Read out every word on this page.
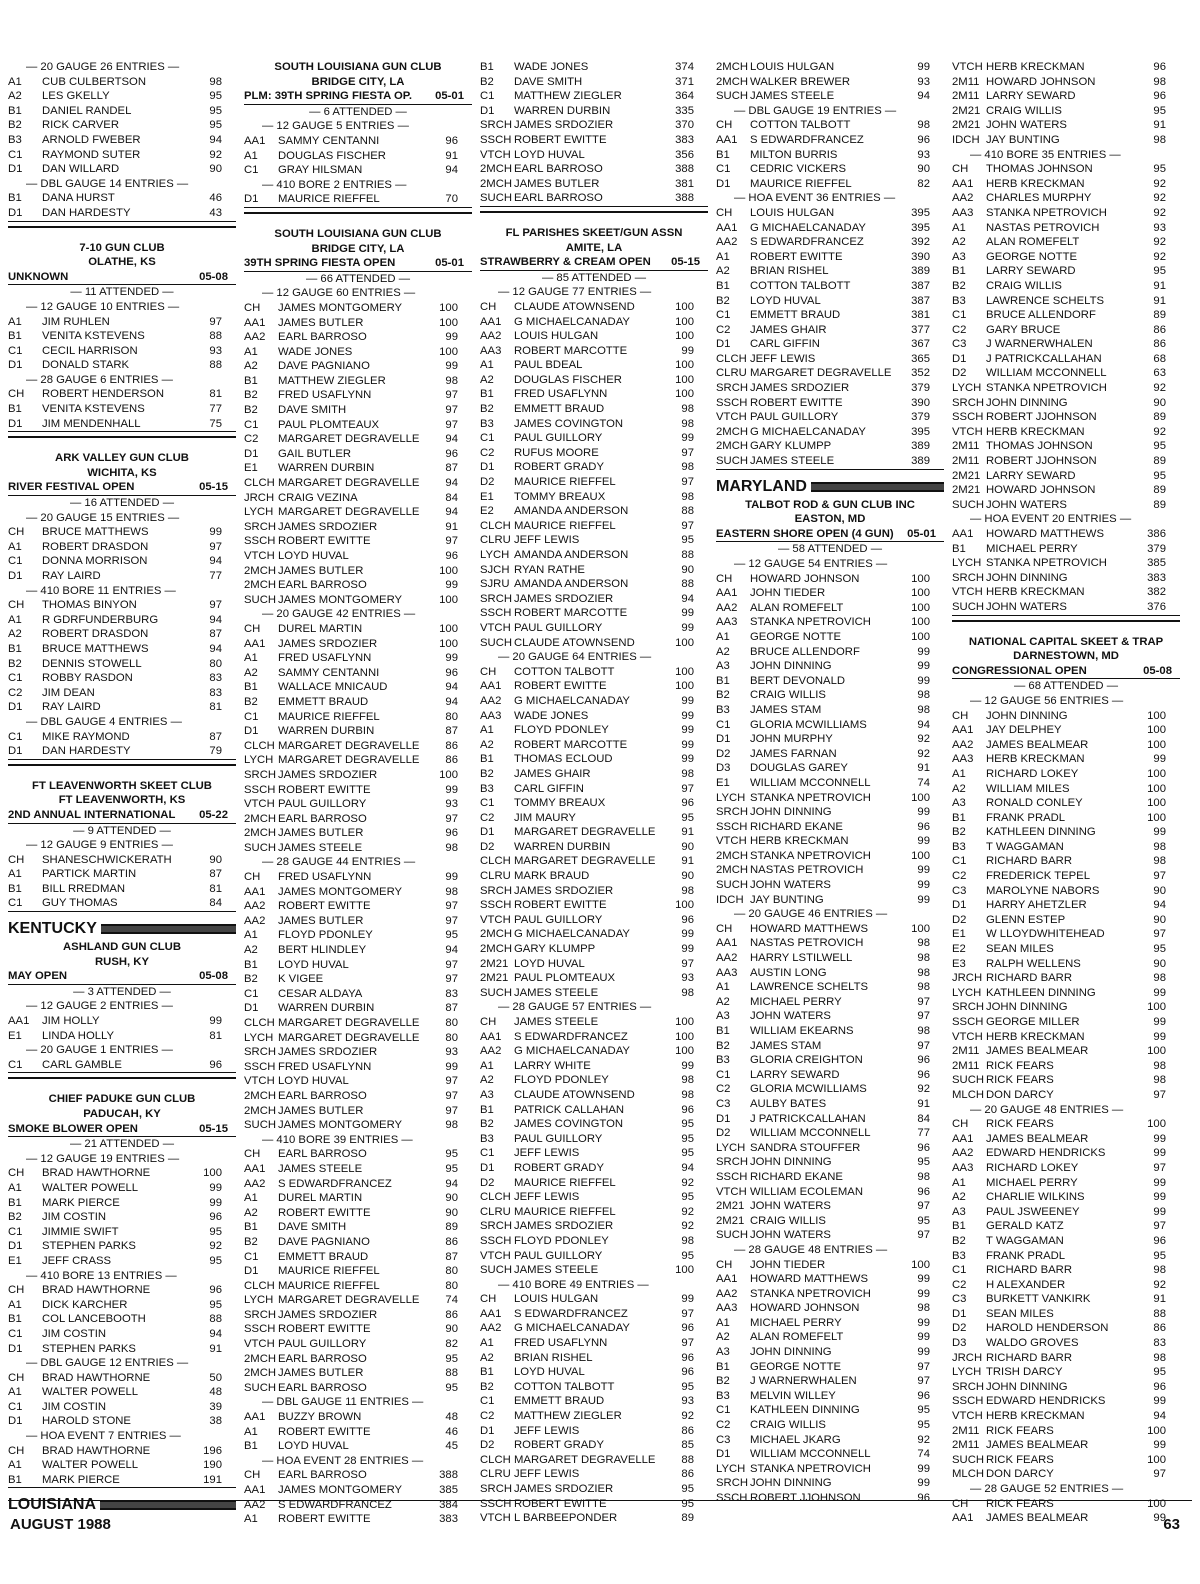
— 20 GAUGE 26 ENTRIES —
A1	CUB CULBERTSON	98
A2	LES GKELLY	95
B1	DANIEL RANDEL	95
B2	RICK CARVER	95
B3	ARNOLD FWEBER	94
C1	RAYMOND SUTER	92
D1	DAN WILLARD	90
— DBL GAUGE 14 ENTRIES —
B1	DANA HURST	46
D1	DAN HARDESTY	43
7-10 GUN CLUB
OLATHE, KS
UNKNOWN	05-08
— 11 ATTENDED —
— 12 GAUGE 10 ENTRIES —
A1	JIM RUHLEN	97
B1	VENITA KSTEVENS	88
C1	CECIL HARRISON	93
D1	DONALD STARK	88
— 28 GAUGE 6 ENTRIES —
CH	ROBERT HENDERSON	81
B1	VENITA KSTEVENS	77
D1	JIM MENDENHALL	75
ARK VALLEY GUN CLUB
WICHITA, KS
RIVER FESTIVAL OPEN	05-15
— 16 ATTENDED —
— 20 GAUGE 15 ENTRIES —
CH	BRUCE MATTHEWS	99
A1	ROBERT DRASDON	97
C1	DONNA MORRISON	94
D1	RAY LAIRD	77
— 410 BORE 11 ENTRIES —
CH	THOMAS BINYON	97
A1	R GDRFUNDERBURG	94
A2	ROBERT DRASDON	87
B1	BRUCE MATTHEWS	94
B2	DENNIS STOWELL	80
C1	ROBBY RASDON	83
C2	JIM DEAN	83
D1	RAY LAIRD	81
— DBL GAUGE 4 ENTRIES —
C1	MIKE RAYMOND	87
D1	DAN HARDESTY	79
FT LEAVENWORTH SKEET CLUB
FT LEAVENWORTH, KS
2ND ANNUAL INTERNATIONAL 05-22
— 9 ATTENDED —
— 12 GAUGE 9 ENTRIES —
CH	SHANESCHWICKERATH	90
A1	PARTICK MARTIN	87
B1	BILL RREDMAN	81
C1	GUY THOMAS	84
KENTUCKY
ASHLAND GUN CLUB
RUSH, KY
MAY OPEN	05-08
— 3 ATTENDED —
— 12 GAUGE 2 ENTRIES —
AA1	JIM HOLLY	99
E1	LINDA HOLLY	81
— 20 GAUGE 1 ENTRIES —
C1	CARL GAMBLE	96
CHIEF PADUKE GUN CLUB
PADUCAH, KY
SMOKE BLOWER OPEN	05-15
— 21 ATTENDED —
— 12 GAUGE 19 ENTRIES —
CH	BRAD HAWTHORNE	100
A1	WALTER POWELL	99
B1	MARK PIERCE	99
B2	JIM COSTIN	96
C1	JIMMIE SWIFT	95
D1	STEPHEN PARKS	92
E1	JEFF CRASS	95
— 410 BORE 13 ENTRIES —
CH	BRAD HAWTHORNE	96
A1	DICK KARCHER	95
B1	COL LANCEBOOTH	88
C1	JIM COSTIN	94
D1	STEPHEN PARKS	91
— DBL GAUGE 12 ENTRIES —
CH	BRAD HAWTHORNE	50
A1	WALTER POWELL	48
C1	JIM COSTIN	39
D1	HAROLD STONE	38
— HOA EVENT 7 ENTRIES —
CH	BRAD HAWTHORNE	196
A1	WALTER POWELL	190
B1	MARK PIERCE	191
LOUISIANA
SOUTH LOUISIANA GUN CLUB
BRIDGE CITY, LA
PLM: 39TH SPRING FIESTA OP. 05-01
— 6 ATTENDED —
— 12 GAUGE 5 ENTRIES —
AA1	SAMMY CENTANNI	96
A1	DOUGLAS FISCHER	91
C1	GRAY HILSMAN	94
— 410 BORE 2 ENTRIES —
D1	MAURICE RIEFFEL	70
SOUTH LOUISIANA GUN CLUB
BRIDGE CITY, LA
39TH SPRING FIESTA OPEN	05-01
— 66 ATTENDED —
— 12 GAUGE 60 ENTRIES —
CH	JAMES MONTGOMERY	100
AA1	JAMES BUTLER	100
AA2	EARL BARROSO	99
A1	WADE JONES	100
A2	DAVE PAGNIANO	99
B1	MATTHEW ZIEGLER	98
B2	FRED USAFLYNN	97
B2	DAVE SMITH	97
C1	PAUL PLOMTEAUX	97
C2	MARGARET DEGRAVELLE	94
D1	GAIL BUTLER	96
E1	WARREN DURBIN	87
CLCH MARGARET DEGRAVELLE	94
JRCH CRAIG VEZINA	84
LYCH MARGARET DEGRAVELLE	94
SRCH JAMES SRDOZIER	91
SSCH ROBERT EWITTE	97
VTCH LOYD HUVAL	96
2MCH JAMES BUTLER	100
2MCH EARL BARROSO	99
SUCH JAMES MONTGOMERY	100
— 20 GAUGE 42 ENTRIES —
CH	DUREL MARTIN	100
AA1	JAMES SRDOZIER	100
A1	FRED USAFLYNN	99
A2	SAMMY CENTANNI	96
B1	WALLACE MNICAUD	94
B2	EMMETT BRAUD	94
C1	MAURICE RIEFFEL	80
D1	WARREN DURBIN	87
CLCH MARGARET DEGRAVELLE	86
LYCH MARGARET DEGRAVELLE	86
SRCH JAMES SRDOZIER	100
SSCH ROBERT EWITTE	99
VTCH PAUL GUILLORY	93
2MCH EARL BARROSO	97
2MCH JAMES BUTLER	96
SUCH JAMES STEELE	98
— 28 GAUGE 44 ENTRIES —
CH	FRED USAFLYNN	99
AA1	JAMES MONTGOMERY	98
AA2	ROBERT EWITTE	97
AA2	JAMES BUTLER	97
A1	FLOYD PDONLEY	95
A2	BERT HLINDLEY	94
B1	LOYD HUVAL	97
B2	K VIGEE	97
C1	CESAR ALDAYA	83
D1	WARREN DURBIN	87
CLCH MARGARET DEGRAVELLE	80
LYCH MARGARET DEGRAVELLE	80
SRCH JAMES SRDOZIER	93
SSCH FRED USAFLYNN	99
VTCH LOYD HUVAL	97
2MCH EARL BARROSO	97
2MCH JAMES BUTLER	97
SUCH JAMES MONTGOMERY	98
— 410 BORE 39 ENTRIES —
CH	EARL BARROSO	95
AA1	JAMES STEELE	95
AA2	S EDWARDFRANCEZ	94
A1	DUREL MARTIN	90
A2	ROBERT EWITTE	90
B1	DAVE SMITH	89
B2	DAVE PAGNIANO	86
C1	EMMETT BRAUD	87
D1	MAURICE RIEFFEL	80
CLCH MAURICE RIEFFEL	80
LYCH MARGARET DEGRAVELLE	74
SRCH JAMES SRDOZIER	86
SSCH ROBERT EWITTE	90
VTCH PAUL GUILLORY	82
2MCH EARL BARROSO	95
2MCH JAMES BUTLER	88
SUCH EARL BARROSO	95
— DBL GAUGE 11 ENTRIES —
AA1	BUZZY BROWN	48
A1	ROBERT EWITTE	46
B1	LOYD HUVAL	45
— HOA EVENT 28 ENTRIES —
CH	EARL BARROSO	388
AA1	JAMES MONTGOMERY	385
AA2	S EDWARDFRANCEZ	384
A1	ROBERT EWITTE	383
B1	WADE JONES	374
B2	DAVE SMITH	371
C1	MATTHEW ZIEGLER	364
D1	WARREN DURBIN	335
SRCH JAMES SRDOZIER	370
SSCH ROBERT EWITTE	383
VTCH LOYD HUVAL	356
2MCH EARL BARROSO	388
2MCH JAMES BUTLER	381
SUCH EARL BARROSO	388
FL PARISHES SKEET/GUN ASSN
AMITE, LA
STRAWBERRY & CREAM OPEN 05-15
— 85 ATTENDED —
— 12 GAUGE 77 ENTRIES —
CH	CLAUDE ATOWNSEND	100
AA1	G MICHAELCANADAY	100
AA2	LOUIS HULGAN	100
AA3	ROBERT MARCOTTE	99
A1	PAUL BDEAL	100
A2	DOUGLAS FISCHER	100
B1	FRED USAFLYNN	100
B2	EMMETT BRAUD	98
B3	JAMES COVINGTON	98
C1	PAUL GUILLORY	99
C2	RUFUS MOORE	97
D1	ROBERT GRADY	98
D2	MAURICE RIEFFEL	97
E1	TOMMY BREAUX	98
E2	AMANDA ANDERSON	88
CLCH MAURICE RIEFFEL	97
CLRU JEFF LEWIS	95
LYCH AMANDA ANDERSON	88
SJCH RYAN RATHE	90
SJRU AMANDA ANDERSON	88
SRCH JAMES SRDOZIER	94
SSCH ROBERT MARCOTTE	99
VTCH PAUL GUILLORY	99
SUCH CLAUDE ATOWNSEND	100
— 20 GAUGE 64 ENTRIES —
CH	COTTON TALBOTT	100
AA1	ROBERT EWITTE	100
AA2	G MICHAELCANADAY	99
AA3	WADE JONES	99
A1	FLOYD PDONLEY	99
A2	ROBERT MARCOTTE	99
B1	THOMAS ECLOUD	99
B2	JAMES GHAIR	98
B3	CARL GIFFIN	97
C1	TOMMY BREAUX	96
C2	JIM MAURY	95
D1	MARGARET DEGRAVELLE	91
D2	WARREN DURBIN	90
CLCH MARGARET DEGRAVELLE	91
CLRU MARK BRAUD	90
SRCH JAMES SRDOZIER	98
SSCH ROBERT EWITTE	100
VTCH PAUL GUILLORY	96
2MCH G MICHAELCANADAY	99
2MCH GARY KLUMPP	99
2M21 LOYD HUVAL	97
2M21 PAUL PLOMTEAUX	93
SUCH JAMES STEELE	98
— 28 GAUGE 57 ENTRIES —
CH	JAMES STEELE	100
AA1	S EDWARDFRANCEZ	100
AA2	G MICHAELCANADAY	100
A1	LARRY WHITE	99
A2	FLOYD PDONLEY	98
A3	CLAUDE ATOWNSEND	98
B1	PATRICK CALLAHAN	96
B2	JAMES COVINGTON	95
B3	PAUL GUILLORY	95
C1	JEFF LEWIS	95
D1	ROBERT GRADY	94
D2	MAURICE RIEFFEL	92
CLCH JEFF LEWIS	95
CLRU MAURICE RIEFFEL	92
SRCH JAMES SRDOZIER	92
SSCH FLOYD PDONLEY	98
VTCH PAUL GUILLORY	95
SUCH JAMES STEELE	100
— 410 BORE 49 ENTRIES —
CH	LOUIS HULGAN	99
AA1	S EDWARDFRANCEZ	97
AA2	G MICHAELCANADAY	96
A1	FRED USAFLYNN	97
A2	BRIAN RISHEL	96
B1	LOYD HUVAL	96
B2	COTTON TALBOTT	95
C1	EMMETT BRAUD	93
C2	MATTHEW ZIEGLER	92
D1	JEFF LEWIS	86
D2	ROBERT GRADY	85
CLCH MARGARET DEGRAVELLE	88
CLRU JEFF LEWIS	86
SRCH JAMES SRDOZIER	95
SSCH ROBERT EWITTE	95
VTCH L BARBEEPONDER	89
2MCH LOUIS HULGAN	99
2MCH WALKER BREWER	93
SUCH JAMES STEELE	94
— DBL GAUGE 19 ENTRIES —
CH	COTTON TALBOTT	98
AA1	S EDWARDFRANCEZ	96
B1	MILTON BURRIS	93
C1	CEDRIC VICKERS	90
D1	MAURICE RIEFFEL	82
— HOA EVENT 36 ENTRIES —
CH	LOUIS HULGAN	395
AA1	G MICHAELCANADAY	395
AA2	S EDWARDFRANCEZ	392
A1	ROBERT EWITTE	390
A2	BRIAN RISHEL	389
B1	COTTON TALBOTT	387
B2	LOYD HUVAL	387
C1	EMMETT BRAUD	381
C2	JAMES GHAIR	377
D1	CARL GIFFIN	367
CLCH JEFF LEWIS	365
CLRU MARGARET DEGRAVELLE	352
SRCH JAMES SRDOZIER	379
SSCH ROBERT EWITTE	390
VTCH PAUL GUILLORY	379
2MCH G MICHAELCANADAY	395
2MCH GARY KLUMPP	389
SUCH JAMES STEELE	389
MARYLAND
TALBOT ROD & GUN CLUB INC
EASTON, MD
EASTERN SHORE OPEN (4 GUN) 05-01
— 58 ATTENDED —
— 12 GAUGE 54 ENTRIES —
CH	HOWARD JOHNSON	100
AA1	JOHN TIEDER	100
AA2	ALAN ROMEFELT	100
AA3	STANKA NPETROVICH	100
A1	GEORGE NOTTE	100
A2	BRUCE ALLENDORF	99
A3	JOHN DINNING	99
B1	BERT DEVONALD	99
B2	CRAIG WILLIS	98
B3	JAMES STAM	98
C1	GLORIA MCWILLIAMS	94
D1	JOHN MURPHY	92
D2	JAMES FARNAN	92
D3	DOUGLAS GAREY	91
E1	WILLIAM MCCONNELL	74
LYCH STANKA NPETROVICH	100
SRCH JOHN DINNING	99
SSCH RICHARD EKANE	96
VTCH HERB KRECKMAN	99
2MCH STANKA NPETROVICH	100
2MCH NASTAS PETROVICH	99
SUCH JOHN WATERS	99
IDCH JAY BUNTING	99
— 20 GAUGE 46 ENTRIES —
CH	HOWARD MATTHEWS	100
AA1	NASTAS PETROVICH	98
AA2	HARRY LSTILWELL	98
AA3	AUSTIN LONG	98
A1	LAWRENCE SCHELTS	98
A2	MICHAEL PERRY	97
A3	JOHN WATERS	97
B1	WILLIAM EKEARNS	98
B2	JAMES STAM	97
B3	GLORIA CREIGHTON	96
C1	LARRY SEWARD	96
C2	GLORIA MCWILLIAMS	92
C3	AULBY BATES	91
D1	J PATRICKCALLAHAN	84
D2	WILLIAM MCCONNELL	77
LYCH SANDRA STOUFFER	96
SRCH JOHN DINNING	95
SSCH RICHARD EKANE	98
VTCH WILLIAM ECOLEMAN	96
2M21 JOHN WATERS	97
2M21 CRAIG WILLIS	95
SUCH JOHN WATERS	97
— 28 GAUGE 48 ENTRIES —
CH	JOHN TIEDER	100
AA1	HOWARD MATTHEWS	99
AA2	STANKA NPETROVICH	99
AA3	HOWARD JOHNSON	98
A1	MICHAEL PERRY	99
A2	ALAN ROMEFELT	99
A3	JOHN DINNING	99
B1	GEORGE NOTTE	97
B2	J WARNERWHALEN	97
B3	MELVIN WILLEY	96
C1	KATHLEEN DINNING	95
C2	CRAIG WILLIS	95
C3	MICHAEL JKARG	92
D1	WILLIAM MCCONNELL	74
LYCH STANKA NPETROVICH	99
SRCH JOHN DINNING	99
SSCH ROBERT JJOHNSON	96
VTCH HERB KRECKMAN	96
2M11 HOWARD JOHNSON	98
2M11 LARRY SEWARD	96
2M21 CRAIG WILLIS	95
2M21 JOHN WATERS	91
IDCH JAY BUNTING	98
— 410 BORE 35 ENTRIES —
CH	THOMAS JOHNSON	95
AA1	HERB KRECKMAN	92
AA2	CHARLES MURPHY	92
AA3	STANKA NPETROVICH	92
A1	NASTAS PETROVICH	93
A2	ALAN ROMEFELT	92
A3	GEORGE NOTTE	92
B1	LARRY SEWARD	95
B2	CRAIG WILLIS	91
B3	LAWRENCE SCHELTS	91
C1	BRUCE ALLENDORF	89
C2	GARY BRUCE	86
C3	J WARNERWHALEN	86
D1	J PATRICKCALLAHAN	68
D2	WILLIAM MCCONNELL	63
LYCH STANKA NPETROVICH	92
SRCH JOHN DINNING	90
SSCH ROBERT JJOHNSON	89
VTCH HERB KRECKMAN	92
2M11 THOMAS JOHNSON	95
2M11 ROBERT JJOHNSON	89
2M21 LARRY SEWARD	95
2M21 HOWARD JOHNSON	89
SUCH JOHN WATERS	89
— HOA EVENT 20 ENTRIES —
AA1	HOWARD MATTHEWS	386
B1	MICHAEL PERRY	379
LYCH STANKA NPETROVICH	385
SRCH JOHN DINNING	383
VTCH HERB KRECKMAN	382
SUCH JOHN WATERS	376
NATIONAL CAPITAL SKEET & TRAP
DARNESTOWN, MD
CONGRESSIONAL OPEN	05-08
— 68 ATTENDED —
— 12 GAUGE 56 ENTRIES —
CH	JOHN DINNING	100
AA1	JAY DELPHEY	100
AA2	JAMES BEALMEAR	100
AA3	HERB KRECKMAN	99
A1	RICHARD LOKEY	100
A2	WILLIAM MILES	100
A3	RONALD CONLEY	100
B1	FRANK PRADL	100
B2	KATHLEEN DINNING	99
B3	T WAGGAMAN	98
C1	RICHARD BARR	98
C2	FREDERICK TEPEL	97
C3	MAROLYNE NABORS	90
D1	HARRY AHETZLER	94
D2	GLENN ESTEP	90
E1	W LLOYDWHITEHEAD	97
E2	SEAN MILES	95
E3	RALPH WELLENS	90
JRCH RICHARD BARR	98
LYCH KATHLEEN DINNING	99
SRCH JOHN DINNING	100
SSCH GEORGE MILLER	99
VTCH HERB KRECKMAN	99
2M11 JAMES BEALMEAR	100
2M11 RICK FEARS	98
SUCH RICK FEARS	98
MLCH DON DARCY	97
— 20 GAUGE 48 ENTRIES —
CH	RICK FEARS	100
AA1	JAMES BEALMEAR	99
AA2	EDWARD HENDRICKS	99
AA3	RICHARD LOKEY	97
A1	MICHAEL PERRY	99
A2	CHARLIE WILKINS	99
A3	PAUL JSWEENEY	99
B1	GERALD KATZ	97
B2	T WAGGAMAN	96
B3	FRANK PRADL	95
C1	RICHARD BARR	98
C2	H ALEXANDER	92
C3	BURKETT VANKIRK	91
D1	SEAN MILES	88
D2	HAROLD HENDERSON	86
D3	WALDO GROVES	83
JRCH RICHARD BARR	98
LYCH TRISH DARCY	95
SRCH JOHN DINNING	96
SSCH EDWARD HENDRICKS	99
VTCH HERB KRECKMAN	94
2M11 RICK FEARS	100
2M11 JAMES BEALMEAR	99
SUCH RICK FEARS	100
MLCH DON DARCY	97
— 28 GAUGE 52 ENTRIES —
CH	RICK FEARS	100
AA1	JAMES BEALMEAR	99
AUGUST 1988	63
